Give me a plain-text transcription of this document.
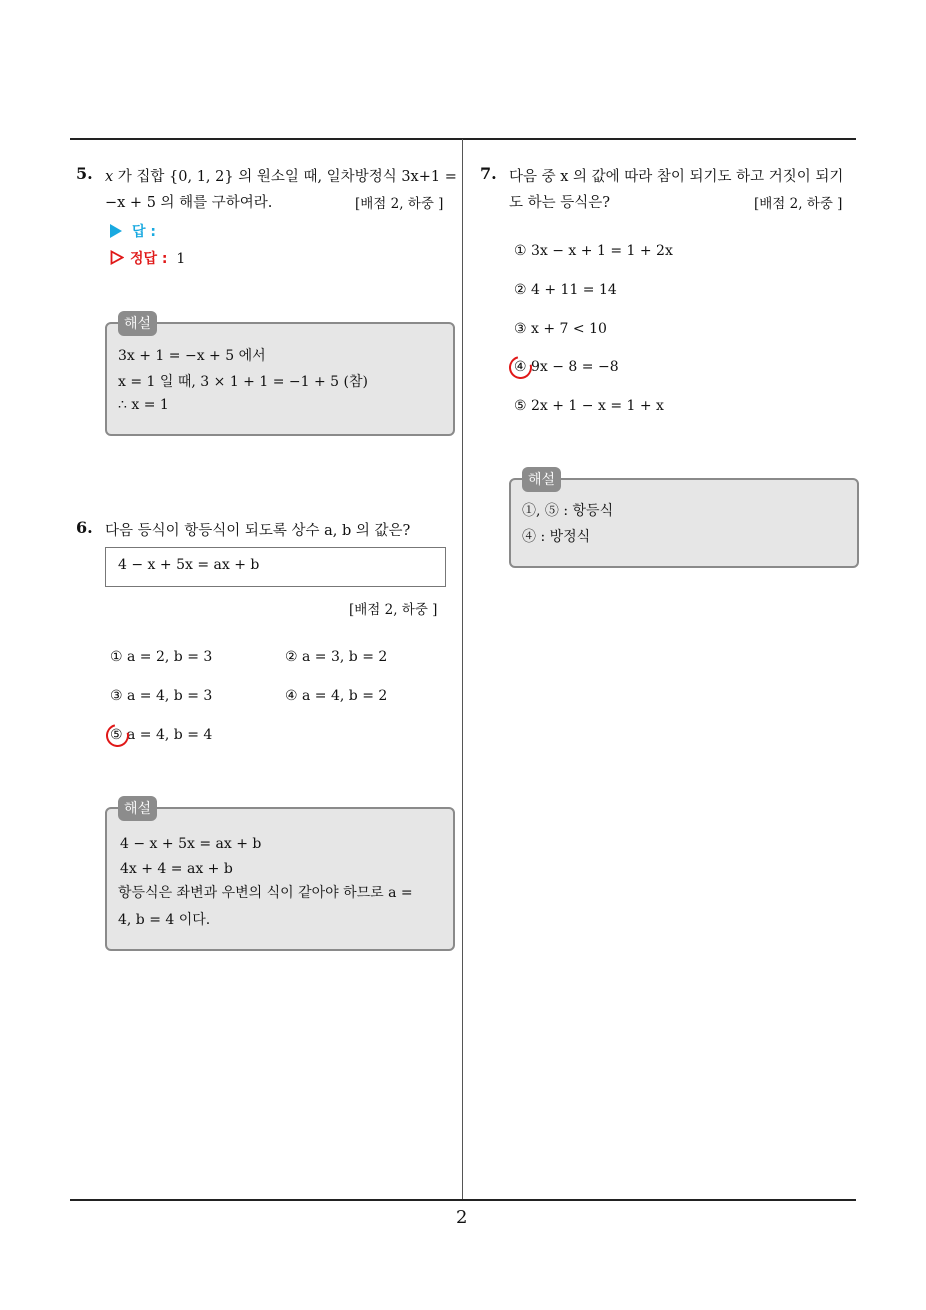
2
5. x 가 집합 {0, 1, 2} 의 원소일 때, 일차방정식 3x+1 =
−x + 5 의 해를 구하여라.	[배점 2, 하중 ]
답 :
정답 : 1
해설
3x + 1 = −x + 5 에서
x = 1 일 때, 3 × 1 + 1 = −1 + 5 (참)
∴ x = 1
6. 다음 등식이 항등식이 되도록 상수 a, b 의 값은?
4 − x + 5x = ax + b
[배점 2, 하중 ]
① a = 2, b = 3	② a = 3, b = 2
③ a = 4, b = 3	④ a = 4, b = 2
⑤ a = 4, b = 4
해설
4 − x + 5x = ax + b
4x + 4 = ax + b
항등식은 좌변과 우변의 식이 같아야 하므로 a =
4, b = 4 이다.
7. 다음 중 x 의 값에 따라 참이 되기도 하고 거짓이 되기
도 하는 등식은?	[배점 2, 하중 ]
① 3x − x + 1 = 1 + 2x
② 4 + 11 = 14
③ x + 7 < 10
④ 9x − 8 = −8
⑤ 2x + 1 − x = 1 + x
해설
①, ⑤ : 항등식
④ : 방정식
